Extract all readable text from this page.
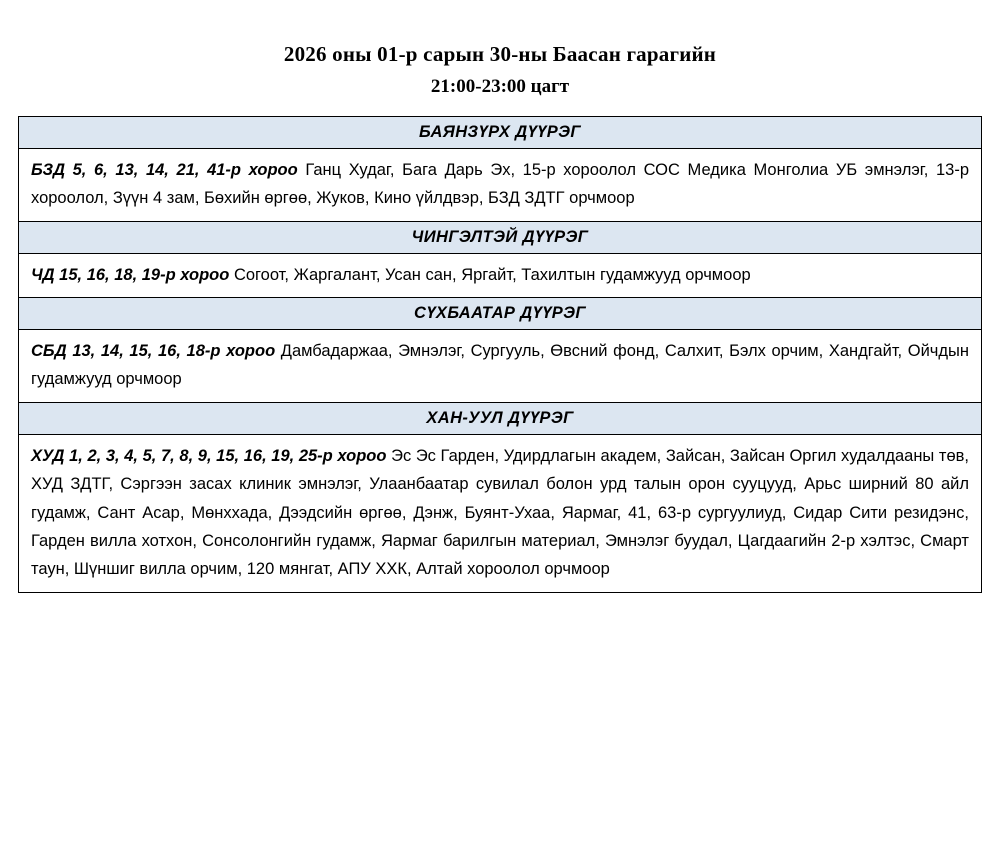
2026 оны 01-р сарын 30-ны Баасан гарагийн
21:00-23:00 цагт
БАЯНЗҮРХ ДҮҮРЭГ
БЗД 5, 6, 13, 14, 21, 41-р хороо Ганц Худаг, Бага Дарь Эх, 15-р хороолол СОС Медика Монголиа УБ эмнэлэг, 13-р хороолол, Зүүн 4 зам, Бөхийн өргөө, Жуков, Кино үйлдвэр, БЗД ЗДТГ орчмоор
ЧИНГЭЛТЭЙ ДҮҮРЭГ
ЧД 15, 16, 18, 19-р хороо Согоот, Жаргалант, Усан сан, Яргайт, Тахилтын гудамжууд орчмоор
СҮХБААТАР ДҮҮРЭГ
СБД 13, 14, 15, 16, 18-р хороо Дамбадаржаа, Эмнэлэг, Сургууль, Өвсний фонд, Салхит, Бэлх орчим, Хандгайт, Ойчдын гудамжууд орчмоор
ХАН-УУЛ ДҮҮРЭГ
ХУД 1, 2, 3, 4, 5, 7, 8, 9, 15, 16, 19, 25-р хороо Эс Эс Гарден, Удирдлагын академ, Зайсан, Зайсан Оргил худалдааны төв, ХУД ЗДТГ, Сэргээн засах клиник эмнэлэг, Улаанбаатар сувилал болон урд талын орон сууцууд, Арьс ширний 80 айл гудамж, Сант Асар, Мөнххада, Дээдсийн өргөө, Дэнж, Буянт-Ухаа, Яармаг, 41, 63-р сургуулиуд, Сидар Сити резидэнс, Гарден вилла хотхон, Сонсолонгийн гудамж, Яармаг барилгын материал, Эмнэлэг буудал, Цагдаагийн 2-р хэлтэс, Смарт таун, Шүншиг вилла орчим, 120 мянгат, АПУ ХХК, Алтай хороолол орчмоор
